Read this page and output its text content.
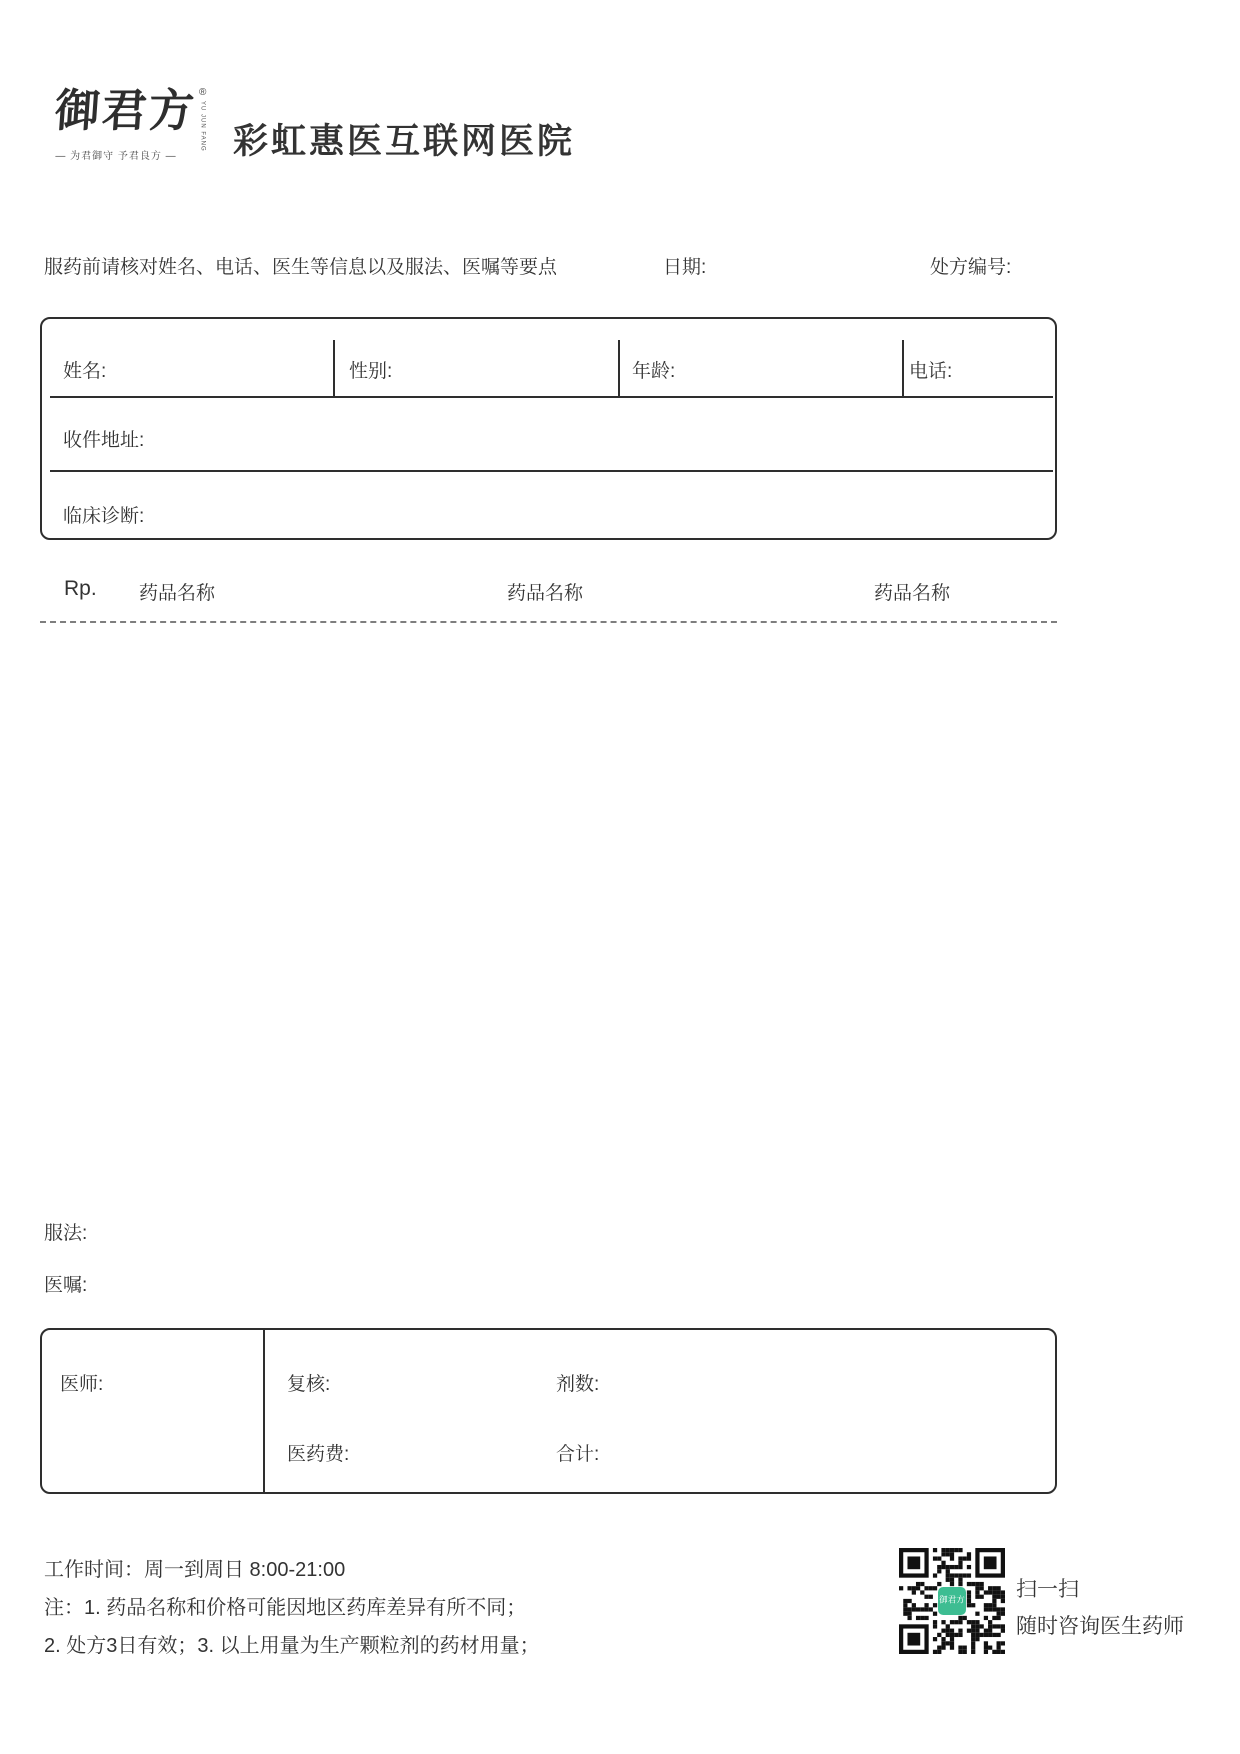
御君方 ®
YU JUN FANG
— 为君御守 予君良方 — 彩虹惠医互联网医院
服药前请核对姓名、电话、医生等信息以及服法、医嘱等要点	日期:	处方编号:
姓名:	性别:	年龄:	电话:
收件地址:
临床诊断:
Rp. 药品名称	药品名称	药品名称
服法:
医嘱:
医师:	复核:	剂数:
医药费:	合计:
工作时间：周一到周日 8:00-21:00
注：1. 药品名称和价格可能因地区药库差异有所不同；
2. 处方3日有效；3. 以上用量为生产颗粒剂的药材用量；
御君方 扫一扫
随时咨询医生药师
